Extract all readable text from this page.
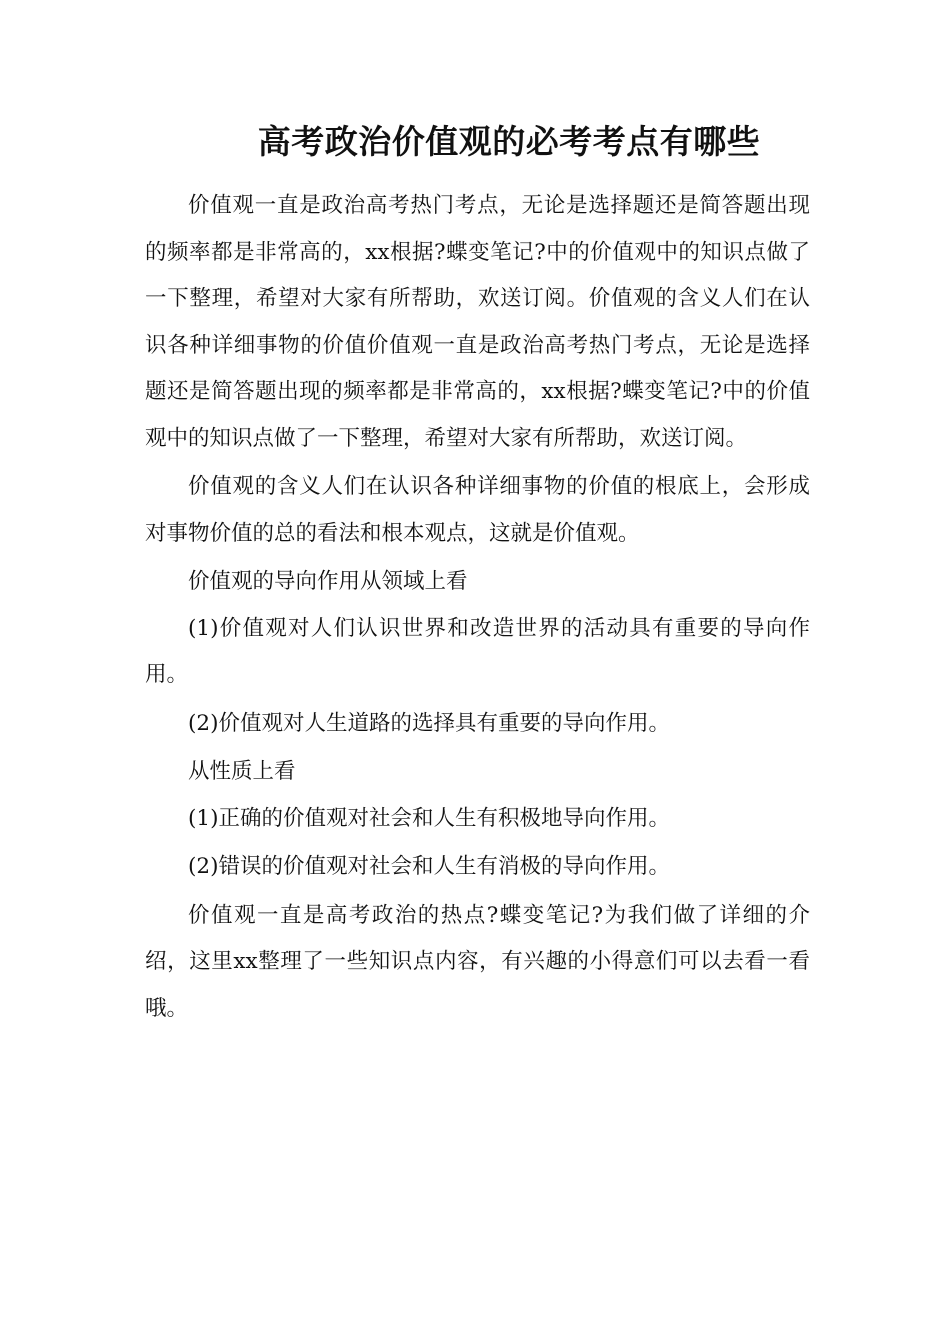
高考政治价值观的必考考点有哪些

价值观一直是政治高考热门考点，无论是选择题还是简答题出现的频率都是非常高的，xx根据?蝶变笔记?中的价值观中的知识点做了一下整理，希望对大家有所帮助，欢送订阅。价值观的含义人们在认识各种详细事物的价值价值观一直是政治高考热门考点，无论是选择题还是简答题出现的频率都是非常高的，xx根据?蝶变笔记?中的价值观中的知识点做了一下整理，希望对大家有所帮助，欢送订阅。

价值观的含义人们在认识各种详细事物的价值的根底上，会形成对事物价值的总的看法和根本观点，这就是价值观。

价值观的导向作用从领域上看

(1)价值观对人们认识世界和改造世界的活动具有重要的导向作用。

(2)价值观对人生道路的选择具有重要的导向作用。

从性质上看

(1)正确的价值观对社会和人生有积极地导向作用。

(2)错误的价值观对社会和人生有消极的导向作用。

价值观一直是高考政治的热点?蝶变笔记?为我们做了详细的介绍，这里xx整理了一些知识点内容，有兴趣的小得意们可以去看一看哦。
